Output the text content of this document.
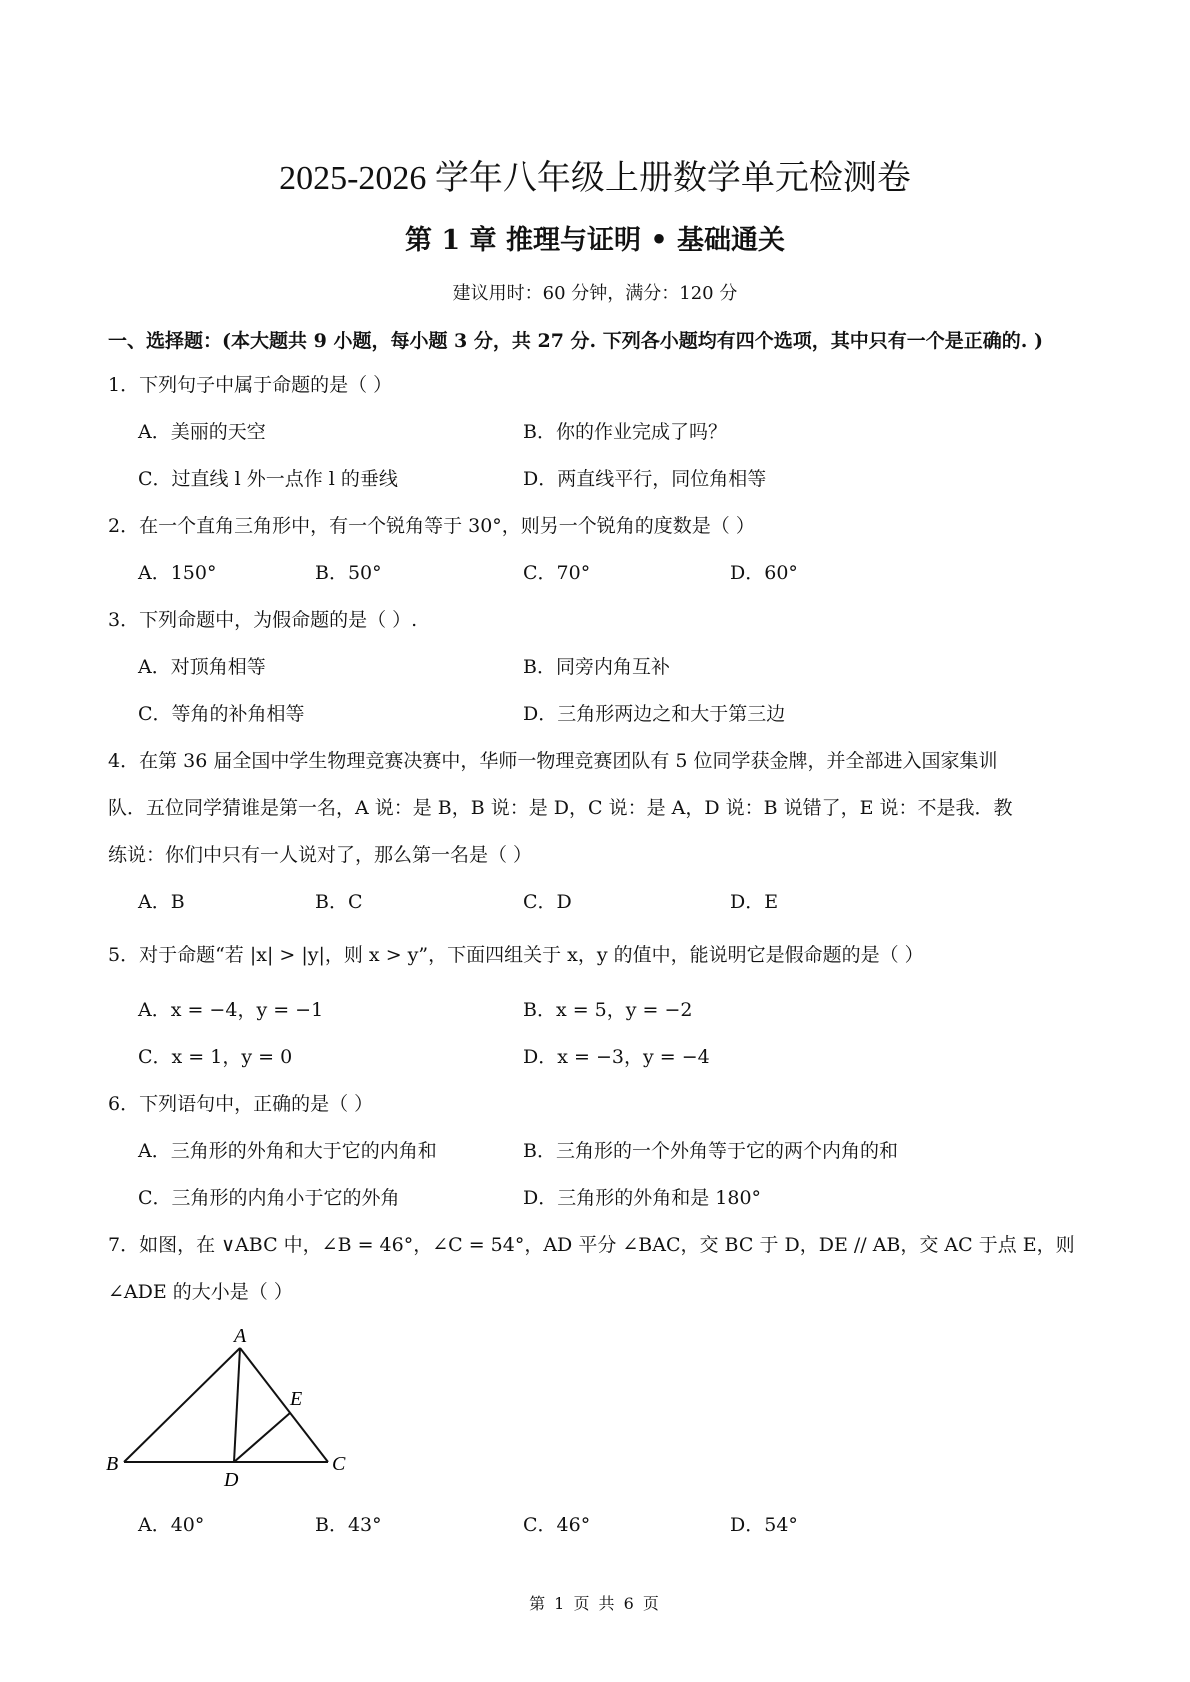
2025-2026 学年八年级上册数学单元检测卷
第 1 章 推理与证明 • 基础通关
建议用时：60 分钟，满分：120 分
一、选择题：(本大题共 9 小题，每小题 3 分，共 27 分. 下列各小题均有四个选项，其中只有一个是正确的. )
1．下列句子中属于命题的是（ ）
A．美丽的天空	B．你的作业完成了吗？
C．过直线 l 外一点作 l 的垂线	D．两直线平行，同位角相等
2．在一个直角三角形中，有一个锐角等于 30°，则另一个锐角的度数是（ ）
A．150°	B．50°	C．70°	D．60°
3．下列命题中，为假命题的是（ ）.
A．对顶角相等	B．同旁内角互补
C．等角的补角相等	D．三角形两边之和大于第三边
4．在第 36 届全国中学生物理竞赛决赛中，华师一物理竞赛团队有 5 位同学获金牌，并全部进入国家集训
队．五位同学猜谁是第一名，A 说：是 B，B 说：是 D，C 说：是 A，D 说：B 说错了，E 说：不是我．教
练说：你们中只有一人说对了，那么第一名是（ ）
A．B	B．C	C．D	D．E
5．对于命题“若 |x| > |y|，则 x > y”，下面四组关于 x，y 的值中，能说明它是假命题的是（ ）
A．x = −4，y = −1	B．x = 5，y = −2
C．x = 1，y = 0	D．x = −3，y = −4
6．下列语句中，正确的是（ ）
A．三角形的外角和大于它的内角和	B．三角形的一个外角等于它的两个内角的和
C．三角形的内角小于它的外角	D．三角形的外角和是 180°
7．如图，在 ∨ABC 中，∠B = 46°，∠C = 54°，AD 平分 ∠BAC，交 BC 于 D，DE // AB，交 AC 于点 E，则
∠ADE 的大小是（ ）
A
B	C
D
E
A．40°	B．43°	C．46°	D．54°
第 1 页 共 6 页
